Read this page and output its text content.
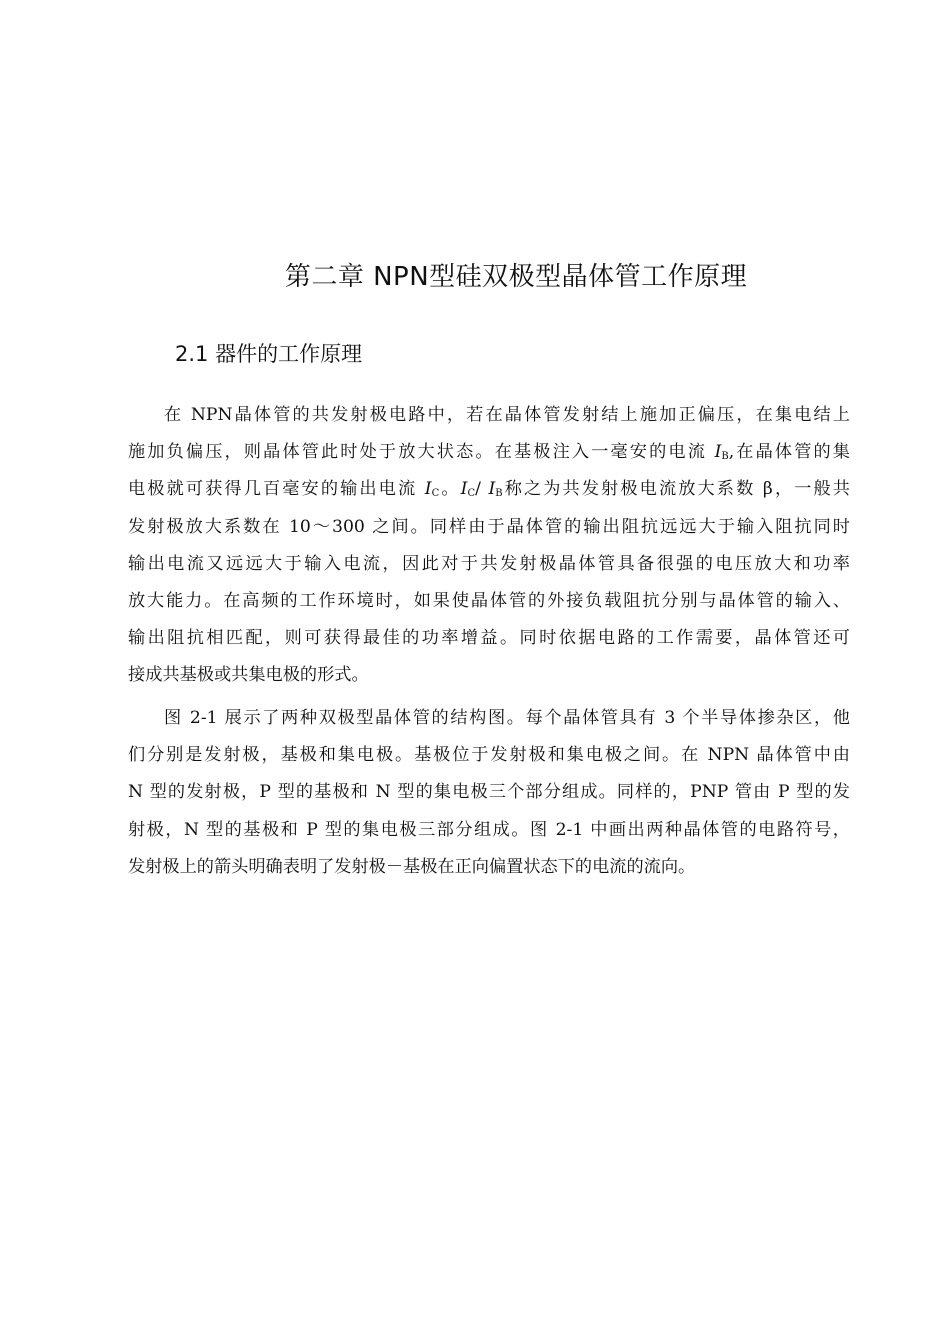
第二章 NPN型硅双极型晶体管工作原理
2.1 器件的工作原理
在 NPN晶体管的共发射极电路中，若在晶体管发射结上施加正偏压，在集电结上
施加负偏压，则晶体管此时处于放大状态。在基极注入一毫安的电流 $I_B$,在晶体管的集
电极就可获得几百毫安的输出电流 $I_C$。$I_C/$ $I_B$称之为共发射极电流放大系数 β，一般共
发射极放大系数在 10～300 之间。同样由于晶体管的输出阻抗远远大于输入阻抗同时
输出电流又远远大于输入电流，因此对于共发射极晶体管具备很强的电压放大和功率
放大能力。在高频的工作环境时，如果使晶体管的外接负载阻抗分别与晶体管的输入、
输出阻抗相匹配，则可获得最佳的功率增益。同时依据电路的工作需要，晶体管还可
接成共基极或共集电极的形式。
图 2-1 展示了两种双极型晶体管的结构图。每个晶体管具有 3 个半导体掺杂区，他
们分别是发射极，基极和集电极。基极位于发射极和集电极之间。在 NPN 晶体管中由
N 型的发射极，P 型的基极和 N 型的集电极三个部分组成。同样的，PNP 管由 P 型的发
射极，N 型的基极和 P 型的集电极三部分组成。图 2-1 中画出两种晶体管的电路符号，
发射极上的箭头明确表明了发射极－基极在正向偏置状态下的电流的流向。
